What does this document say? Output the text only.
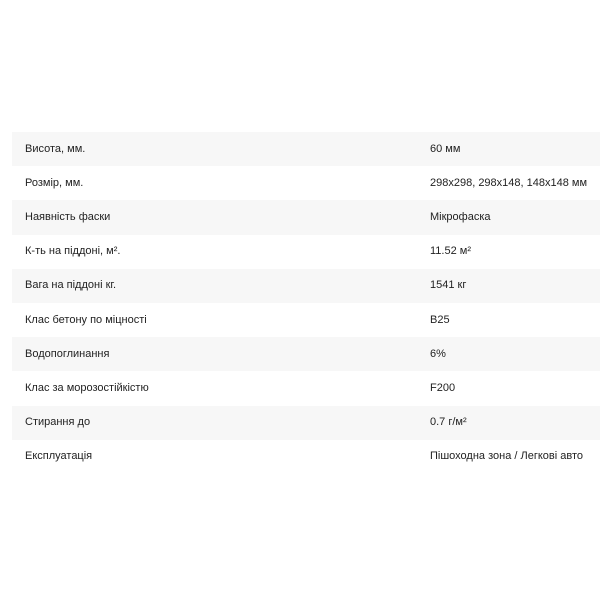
Висота, мм.	60 мм
Розмір, мм.	298х298, 298х148, 148х148 мм
Наявність фаски	Мікрофаска
К-ть на піддоні, м².	11.52 м²
Вага на піддоні кг.	1541 кг
Клас бетону по міцності	В25
Водопоглинання	6%
Клас за морозостійкістю	F200
Стирання до	0.7 г/м²
Експлуатація	Пішоходна зона / Легкові авто
